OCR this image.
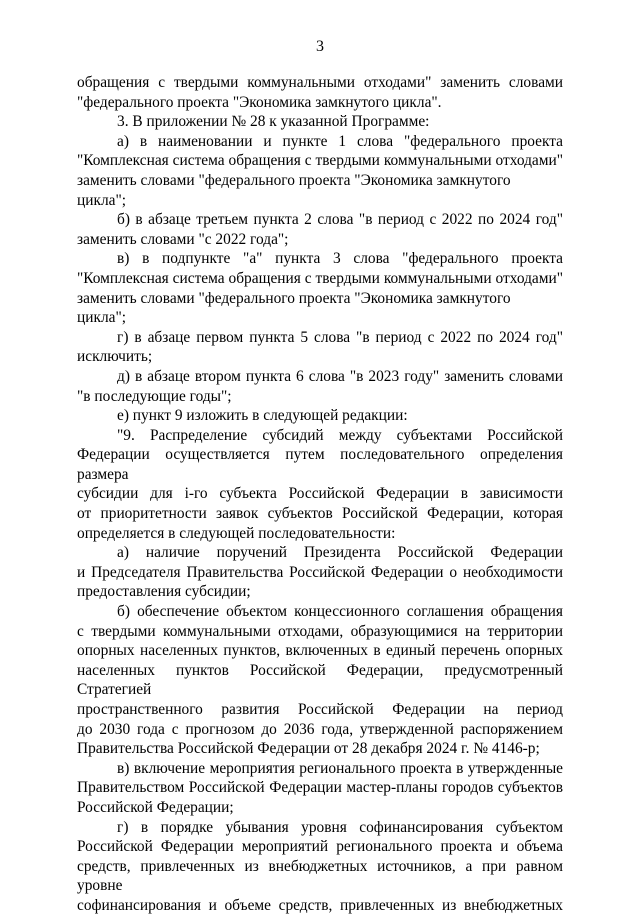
3
обращения с твердыми коммунальными отходами" заменить словами
"федерального проекта "Экономика замкнутого цикла".
3. В приложении № 28 к указанной Программе:
а) в наименовании и пункте 1 слова "федерального проекта
"Комплексная система обращения с твердыми коммунальными отходами"
заменить словами "федерального проекта "Экономика замкнутого цикла";
б) в абзаце третьем пункта 2 слова "в период с 2022 по 2024 год"
заменить словами "с 2022 года";
в) в подпункте "а" пункта 3 слова "федерального проекта
"Комплексная система обращения с твердыми коммунальными отходами"
заменить словами "федерального проекта "Экономика замкнутого цикла";
г) в абзаце первом пункта 5 слова "в период с 2022 по 2024 год"
исключить;
д) в абзаце втором пункта 6 слова "в 2023 году" заменить словами
"в последующие годы";
е) пункт 9 изложить в следующей редакции:
"9. Распределение субсидий между субъектами Российской
Федерации осуществляется путем последовательного определения размера
субсидии для i-го субъекта Российской Федерации в зависимости
от приоритетности заявок субъектов Российской Федерации, которая
определяется в следующей последовательности:
а) наличие поручений Президента Российской Федерации
и Председателя Правительства Российской Федерации о необходимости
предоставления субсидии;
б) обеспечение объектом концессионного соглашения обращения
с твердыми коммунальными отходами, образующимися на территории
опорных населенных пунктов, включенных в единый перечень опорных
населенных пунктов Российской Федерации, предусмотренный Стратегией
пространственного развития Российской Федерации на период
до 2030 года с прогнозом до 2036 года, утвержденной распоряжением
Правительства Российской Федерации от 28 декабря 2024 г. № 4146-р;
в) включение мероприятия регионального проекта в утвержденные
Правительством Российской Федерации мастер-планы городов субъектов
Российской Федерации;
г) в порядке убывания уровня софинансирования субъектом
Российской Федерации мероприятий регионального проекта и объема
средств, привлеченных из внебюджетных источников, а при равном уровне
софинансирования и объеме средств, привлеченных из внебюджетных
